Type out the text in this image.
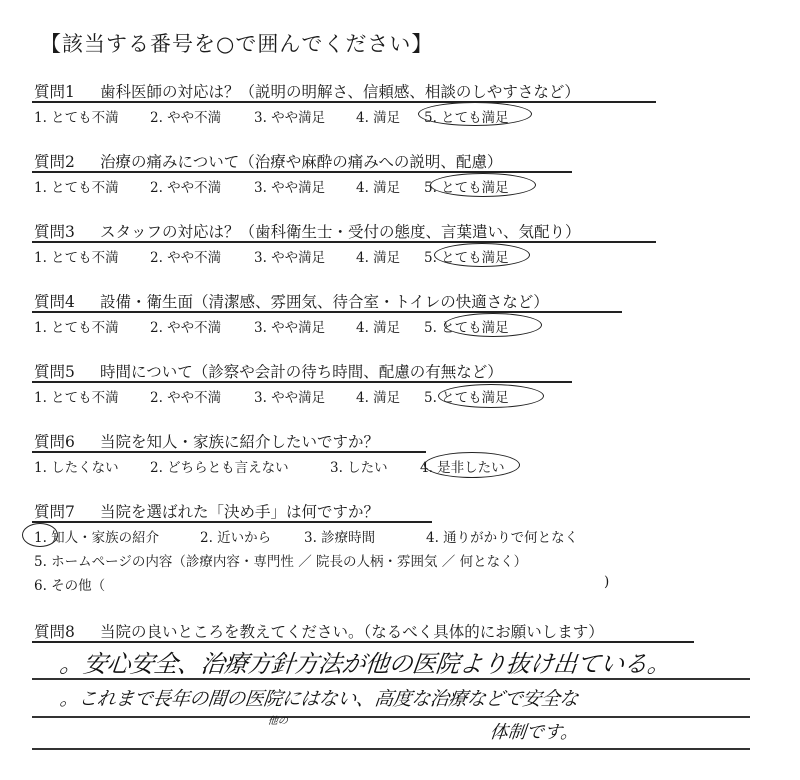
【該当する番号を○で囲んでください】
質問1 歯科医師の対応は？（説明の明解さ、信頼感、相談のしやすさなど）
1. とても不満 2. やや不満 3. やや満足 4. 満足 5. とても満足
質問2 治療の痛みについて（治療や麻酔の痛みへの説明、配慮）
1. とても不満 2. やや不満 3. やや満足 4. 満足 5. とても満足
質問3 スタッフの対応は？（歯科衛生士・受付の態度、言葉遣い、気配り）
1. とても不満 2. やや不満 3. やや満足 4. 満足 5. とても満足
質問4 設備・衛生面（清潔感、雰囲気、待合室・トイレの快適さなど）
1. とても不満 2. やや不満 3. やや満足 4. 満足 5. とても満足
質問5 時間について（診察や会計の待ち時間、配慮の有無など）
1. とても不満 2. やや不満 3. やや満足 4. 満足 5. とても満足
質問6 当院を知人・家族に紹介したいですか？
1. したくない 2. どちらとも言えない	3. したい 4. 是非したい
質問7 当院を選ばれた「決め手」は何ですか？
1. 知人・家族の紹介	2. 近いから 3. 診療時間	4. 通りがかりで何となく
5. ホームページの内容（診療内容・専門性 ／ 院長の人柄・雰囲気 ／ 何となく）
6. その他（	)
質問8 当院の良いところを教えてください。（なるべく具体的にお願いします）
。安心安全、治療方針方法が他の医院より抜け出ている。
。これまで長年の間の医院にはない、高度な治療などで安全な
他の
体制です。
